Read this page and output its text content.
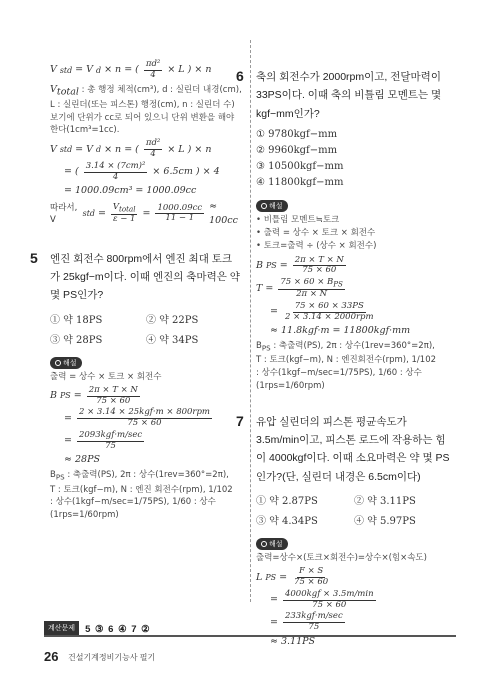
V std = V d × n = ( $\frac{\text{πd²}}{4} \times L$ ) × n
$V_{total}$ : 총 행정 체적(cm³), d : 실린더 내경(cm),
L : 실린더(또는 피스톤) 행정(cm), n : 실린더 수)
보기에 단위가 cc로 되어 있으니 단위 변환을 해야
한다(1cm³=1cc).
V std = V d × n = ( $\frac{\text{πd²}}{4} \times L$ ) × n
= ( $\frac{\text{3.14 × (7cm)²}}{4} \times 6.5cm$ ) × 4
= 1000.09cm³ = 1000.09cc
따라서, V
std = $\frac{V_{total}}{\varepsilon - 1} = \frac{1000.09cc}{11 - 1} \approx 100cc$
5 엔진 회전수 800rpm에서 엔진 최대 토크가 25kgf−m이다. 이때 엔진의 축마력은 약 몇 PS인가?
① 약 18PS	② 약 22PS
③ 약 28PS	④ 약 34PS
해설
출력 = 상수 × 토크 × 회전수
B PS = $\frac{2\pi \times T \times N}{75 \times 60}$
= $\frac{\text{2 × 3.14 × 25kgf·m × 800rpm}}{75 \times 60}$
= $\frac{\text{2093kgf·m/sec}}{75}$
≈ 28PS
$B_{PS}$ : 축출력(PS), 2π : 상수(1rev=360°=2π),
T : 토크(kgf−m), N : 엔진 회전수(rpm), 1/102
: 상수(1kgf−m/sec=1/75PS), 1/60 : 상수
(1rps=1/60rpm)
6 축의 회전수가 2000rpm이고, 전달마력이 33PS이다. 이때 축의 비틀림 모멘트는 몇 kgf−mm인가?
① 9780kgf−mm
② 9960kgf−mm
③ 10500kgf−mm
④ 11800kgf−mm
해설
• 비틀림 모멘트≒토크
• 출력 = 상수 × 토크 × 회전수
• 토크=출력 ÷ (상수 × 회전수)
B PS = $\frac{2\pi \times T \times N}{75 \times 60}$
$T = \frac{75 \times 60 \times B_{PS}}{2\pi \times N}$
= $\frac{75 \times 60 \times 33PS}{\text{2 × 3.14 × 2000rpm}}$
≈ 11.8kgf·m = 11800kgf·mm
$B_{PS}$ : 축출력(PS), 2π : 상수(1rev=360°=2π),
T : 토크(kgf−m), N : 엔진회전수(rpm), 1/102
: 상수(1kgf−m/sec=1/75PS), 1/60 : 상수
(1rps=1/60rpm)
7 유압 실린더의 피스톤 평균속도가 3.5m/min이고, 피스톤 로드에 작용하는 힘이 4000kgf이다. 이때 소요마력은 약 몇 PS 인가?(단, 실린더 내경은 6.5cm이다)
① 약 2.87PS	② 약 3.11PS
③ 약 4.34PS	④ 약 5.97PS
해설
출력=상수×(토크×회전수)=상수×(힘×속도)
L PS = $\frac{F \times S}{75 \times 60}$
= $\frac{\text{4000kgf × 3.5m/min}}{75 \times 60}$
= $\frac{\text{233kgf·m/sec}}{75}$
≈ 3.11PS
계산문제	5 ③ 6 ④ 7 ②
26 건설기계정비기능사 필기
